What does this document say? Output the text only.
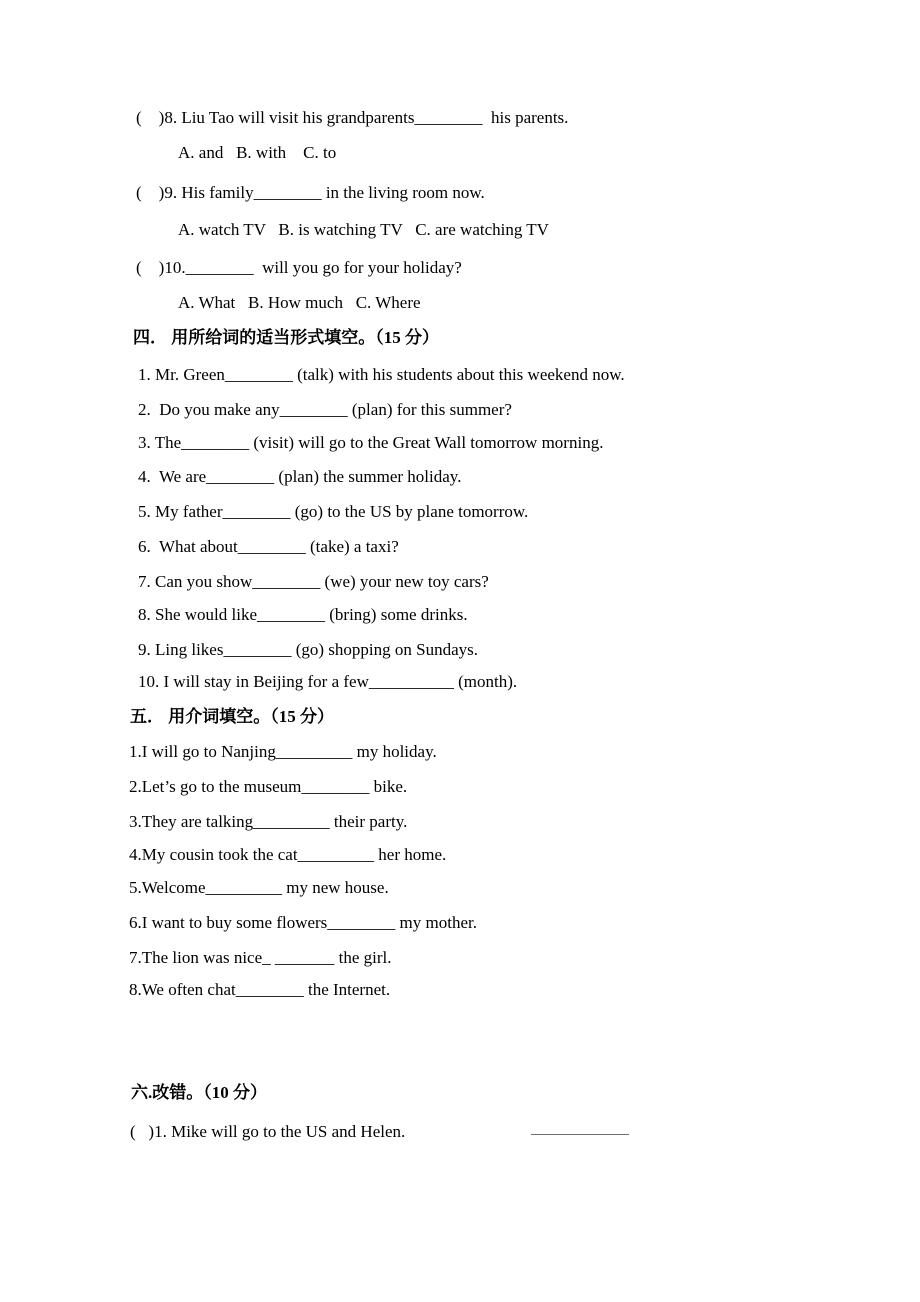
(    )8. Liu Tao will visit his grandparents________  his parents.
A. and   B. with    C. to
(    )9. His family________ in the living room now.
A. watch TV   B. is watching TV   C. are watching TV
(    )10.________  will you go for your holiday?
A. What   B. How much   C. Where
四． 用所给词的适当形式填空。（15 分）
1. Mr. Green________ (talk) with his students about this weekend now.
2.  Do you make any________ (plan) for this summer?
3. The________ (visit) will go to the Great Wall tomorrow morning.
4.  We are________ (plan) the summer holiday.
5. My father________ (go) to the US by plane tomorrow.
6.  What about________ (take) a taxi?
7. Can you show________ (we) your new toy cars?
8. She would like________ (bring) some drinks.
9. Ling likes________ (go) shopping on Sundays.
10. I will stay in Beijing for a few__________ (month).
五． 用介词填空。（15 分）
1.I will go to Nanjing_________ my holiday.
2.Let’s go to the museum________ bike.
3.They are talking_________ their party.
4.My cousin took the cat_________ her home.
5.Welcome_________ my new house.
6.I want to buy some flowers________ my mother.
7.The lion was nice_ _______ the girl.
8.We often chat________ the Internet.
六.改错。（10 分）
(   )1. Mike will go to the US and Helen.
